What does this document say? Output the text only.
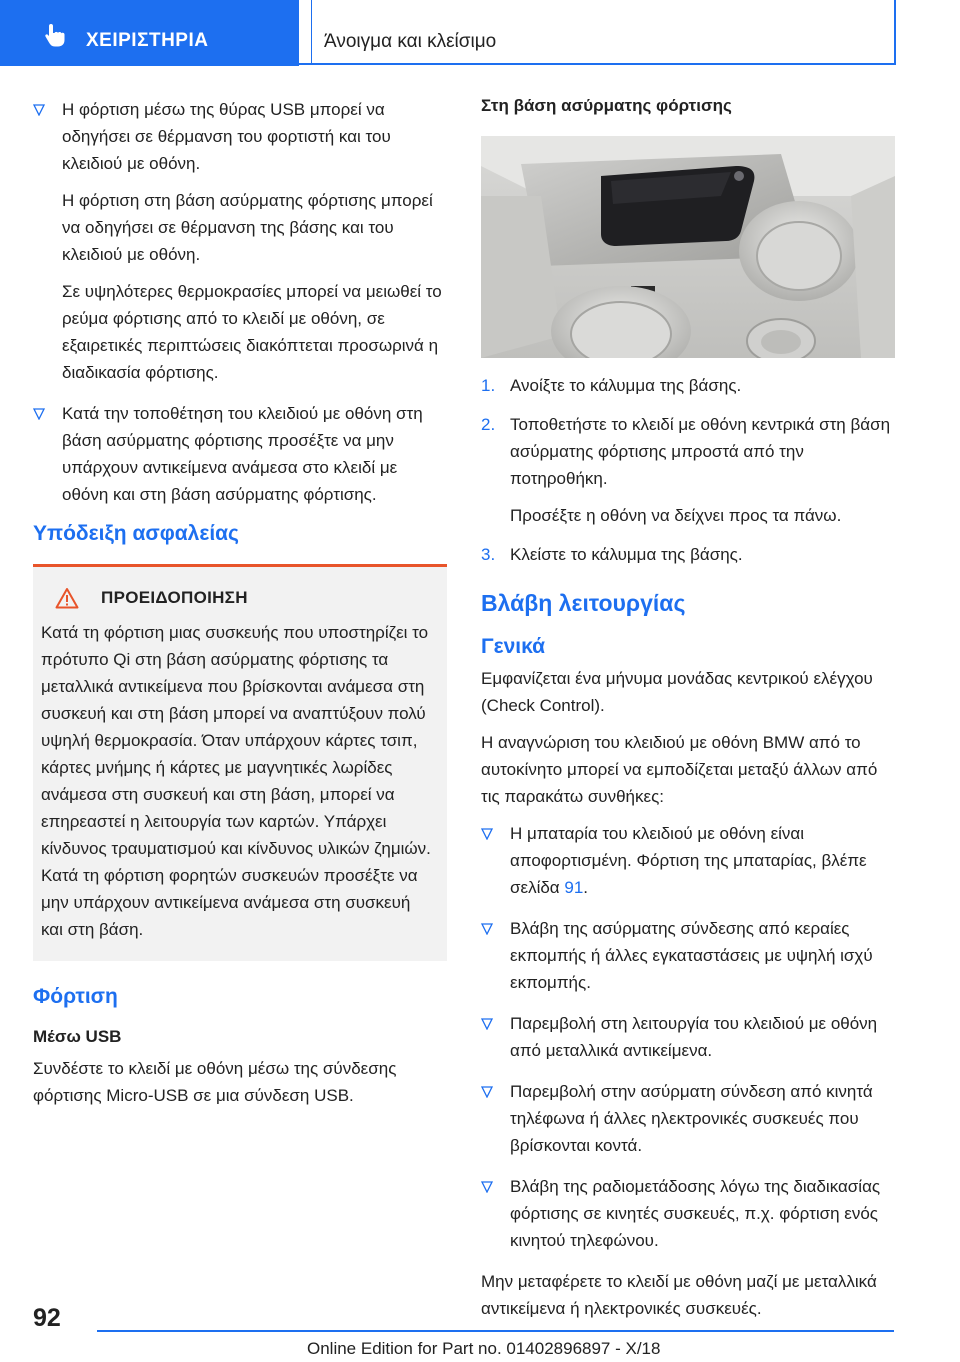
ΧΕΙΡΙΣΤΗΡΙΑ	Άνοιγμα και κλείσιμο
Η φόρτιση μέσω της θύρας USB μπορεί να οδηγήσει σε θέρμανση του φορτιστή και του κλειδιού με οθόνη.
Η φόρτιση στη βάση ασύρματης φόρτισης μπορεί να οδηγήσει σε θέρμανση της βάσης και του κλειδιού με οθόνη.
Σε υψηλότερες θερμοκρασίες μπορεί να μειωθεί το ρεύμα φόρτισης από το κλειδί με οθόνη, σε εξαιρετικές περιπτώσεις διακόπτεται προσωρινά η διαδικασία φόρτισης.
Κατά την τοποθέτηση του κλειδιού με οθόνη στη βάση ασύρματης φόρτισης προσέξτε να μην υπάρχουν αντικείμενα ανάμεσα στο κλειδί με οθόνη και στη βάση ασύρματης φόρτισης.
Υπόδειξη ασφαλείας
ΠΡΟΕΙΔΟΠΟΙΗΣΗ
Κατά τη φόρτιση μιας συσκευής που υποστηρίζει το πρότυπο Qi στη βάση ασύρματης φόρτισης τα μεταλλικά αντικείμενα που βρίσκονται ανάμεσα στη συσκευή και στη βάση μπορεί να αναπτύξουν πολύ υψηλή θερμοκρασία. Όταν υπάρχουν κάρτες τσιπ, κάρτες μνήμης ή κάρτες με μαγνητικές λωρίδες ανάμεσα στη συσκευή και στη βάση, μπορεί να επηρεαστεί η λειτουργία των καρτών. Υπάρχει κίνδυνος τραυματισμού και κίνδυνος υλικών ζημιών. Κατά τη φόρτιση φορητών συσκευών προσέξτε να μην υπάρχουν αντικείμενα ανάμεσα στη συσκευή και στη βάση.
Φόρτιση
Μέσω USB
Συνδέστε το κλειδί με οθόνη μέσω της σύνδεσης φόρτισης Micro-USB σε μια σύνδεση USB.
Στη βάση ασύρματης φόρτισης
1. Ανοίξτε το κάλυμμα της βάσης.
2. Τοποθετήστε το κλειδί με οθόνη κεντρικά στη βάση ασύρματης φόρτισης μπροστά από την ποτηροθήκη.
Προσέξτε η οθόνη να δείχνει προς τα πάνω.
3. Κλείστε το κάλυμμα της βάσης.
Βλάβη λειτουργίας
Γενικά
Εμφανίζεται ένα μήνυμα μονάδας κεντρικού ελέγχου (Check Control).
Η αναγνώριση του κλειδιού με οθόνη BMW από το αυτοκίνητο μπορεί να εμποδίζεται μεταξύ άλλων από τις παρακάτω συνθήκες:
Η μπαταρία του κλειδιού με οθόνη είναι αποφορτισμένη. Φόρτιση της μπαταρίας, βλέπε σελίδα 91.
Βλάβη της ασύρματης σύνδεσης από κεραίες εκπομπής ή άλλες εγκαταστάσεις με υψηλή ισχύ εκπομπής.
Παρεμβολή στη λειτουργία του κλειδιού με οθόνη από μεταλλικά αντικείμενα.
Παρεμβολή στην ασύρματη σύνδεση από κινητά τηλέφωνα ή άλλες ηλεκτρονικές συσκευές που βρίσκονται κοντά.
Βλάβη της ραδιομετάδοσης λόγω της διαδικασίας φόρτισης σε κινητές συσκευές, π.χ. φόρτιση ενός κινητού τηλεφώνου.
Μην μεταφέρετε το κλειδί με οθόνη μαζί με μεταλλικά αντικείμενα ή ηλεκτρονικές συσκευές.
92
Online Edition for Part no. 01402896897 - X/18
